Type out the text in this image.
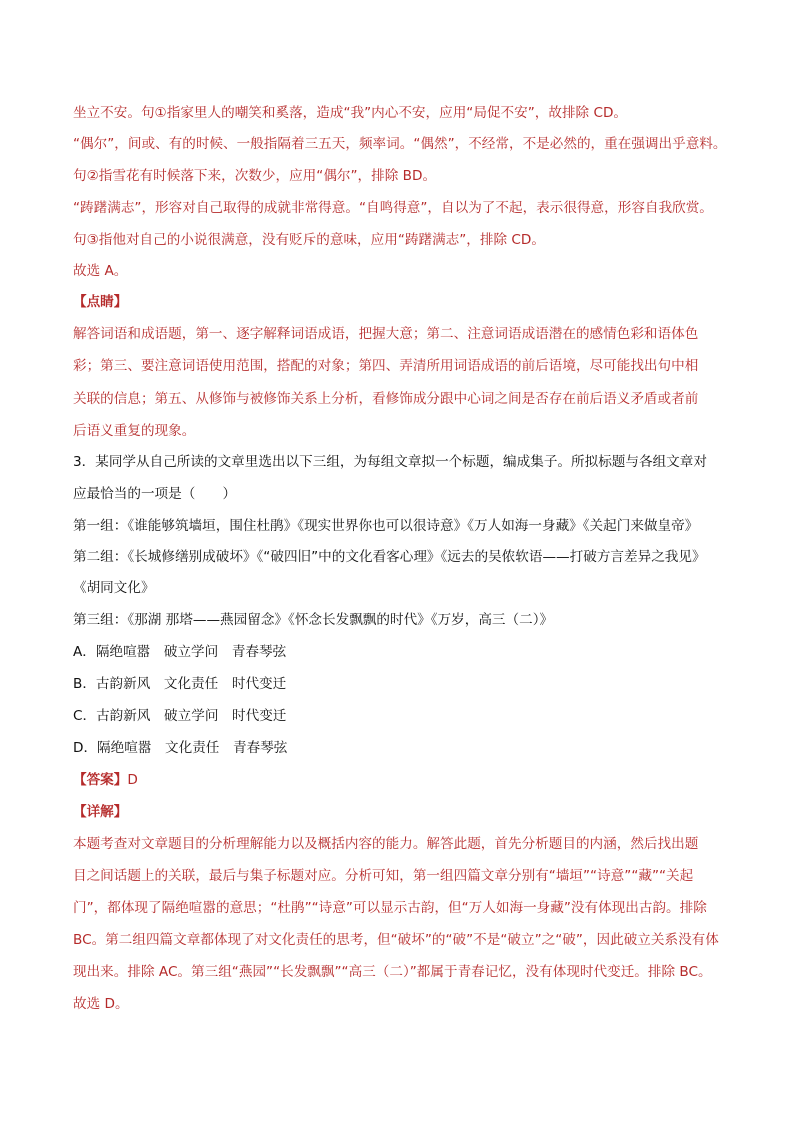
坐立不安。句①指家里人的嘲笑和奚落，造成“我”内心不安，应用“局促不安”，故排除 CD。
“偶尔”，间或、有的时候、一般指隔着三五天，频率词。“偶然”，不经常，不是必然的，重在强调出乎意料。
句②指雪花有时候落下来，次数少，应用“偶尔”，排除 BD。
“踌躇满志”，形容对自己取得的成就非常得意。“自鸣得意”，自以为了不起，表示很得意，形容自我欣赏。
句③指他对自己的小说很满意，没有贬斥的意味，应用“踌躇满志”，排除 CD。
故选 A。
【点睛】
解答词语和成语题，第一、逐字解释词语成语，把握大意；第二、注意词语成语潜在的感情色彩和语体色
彩；第三、要注意词语使用范围，搭配的对象；第四、弄清所用词语成语的前后语境，尽可能找出句中相
关联的信息；第五、从修饰与被修饰关系上分析，看修饰成分跟中心词之间是否存在前后语义矛盾或者前
后语义重复的现象。
3．某同学从自己所读的文章里选出以下三组，为每组文章拟一个标题，编成集子。所拟标题与各组文章对
应最恰当的一项是（　　）
第一组：《谁能够筑墙垣，围住杜鹃》《现实世界你也可以很诗意》《万人如海一身藏》《关起门来做皇帝》
第二组：《长城修缮别成破坏》《“破四旧”中的文化看客心理》《远去的吴侬软语——打破方言差异之我见》
《胡同文化》
第三组：《那湖 那塔——燕园留念》《怀念长发飘飘的时代》《万岁，高三（二）》
A．隔绝喧嚣　破立学问　青春琴弦
B．古韵新风　文化责任　时代变迁
C．古韵新风　破立学问　时代变迁
D．隔绝喧嚣　文化责任　青春琴弦
【答案】D
【详解】
本题考查对文章题目的分析理解能力以及概括内容的能力。解答此题，首先分析题目的内涵，然后找出题
目之间话题上的关联，最后与集子标题对应。分析可知，第一组四篇文章分别有“墙垣”“诗意”“藏”“关起
门”，都体现了隔绝喧嚣的意思；“杜鹃”“诗意”可以显示古韵，但“万人如海一身藏”没有体现出古韵。排除
BC。第二组四篇文章都体现了对文化责任的思考，但“破坏”的“破”不是“破立”之“破”，因此破立关系没有体
现出来。排除 AC。第三组“燕园”“长发飘飘”“高三（二）”都属于青春记忆，没有体现时代变迁。排除 BC。
故选 D。
